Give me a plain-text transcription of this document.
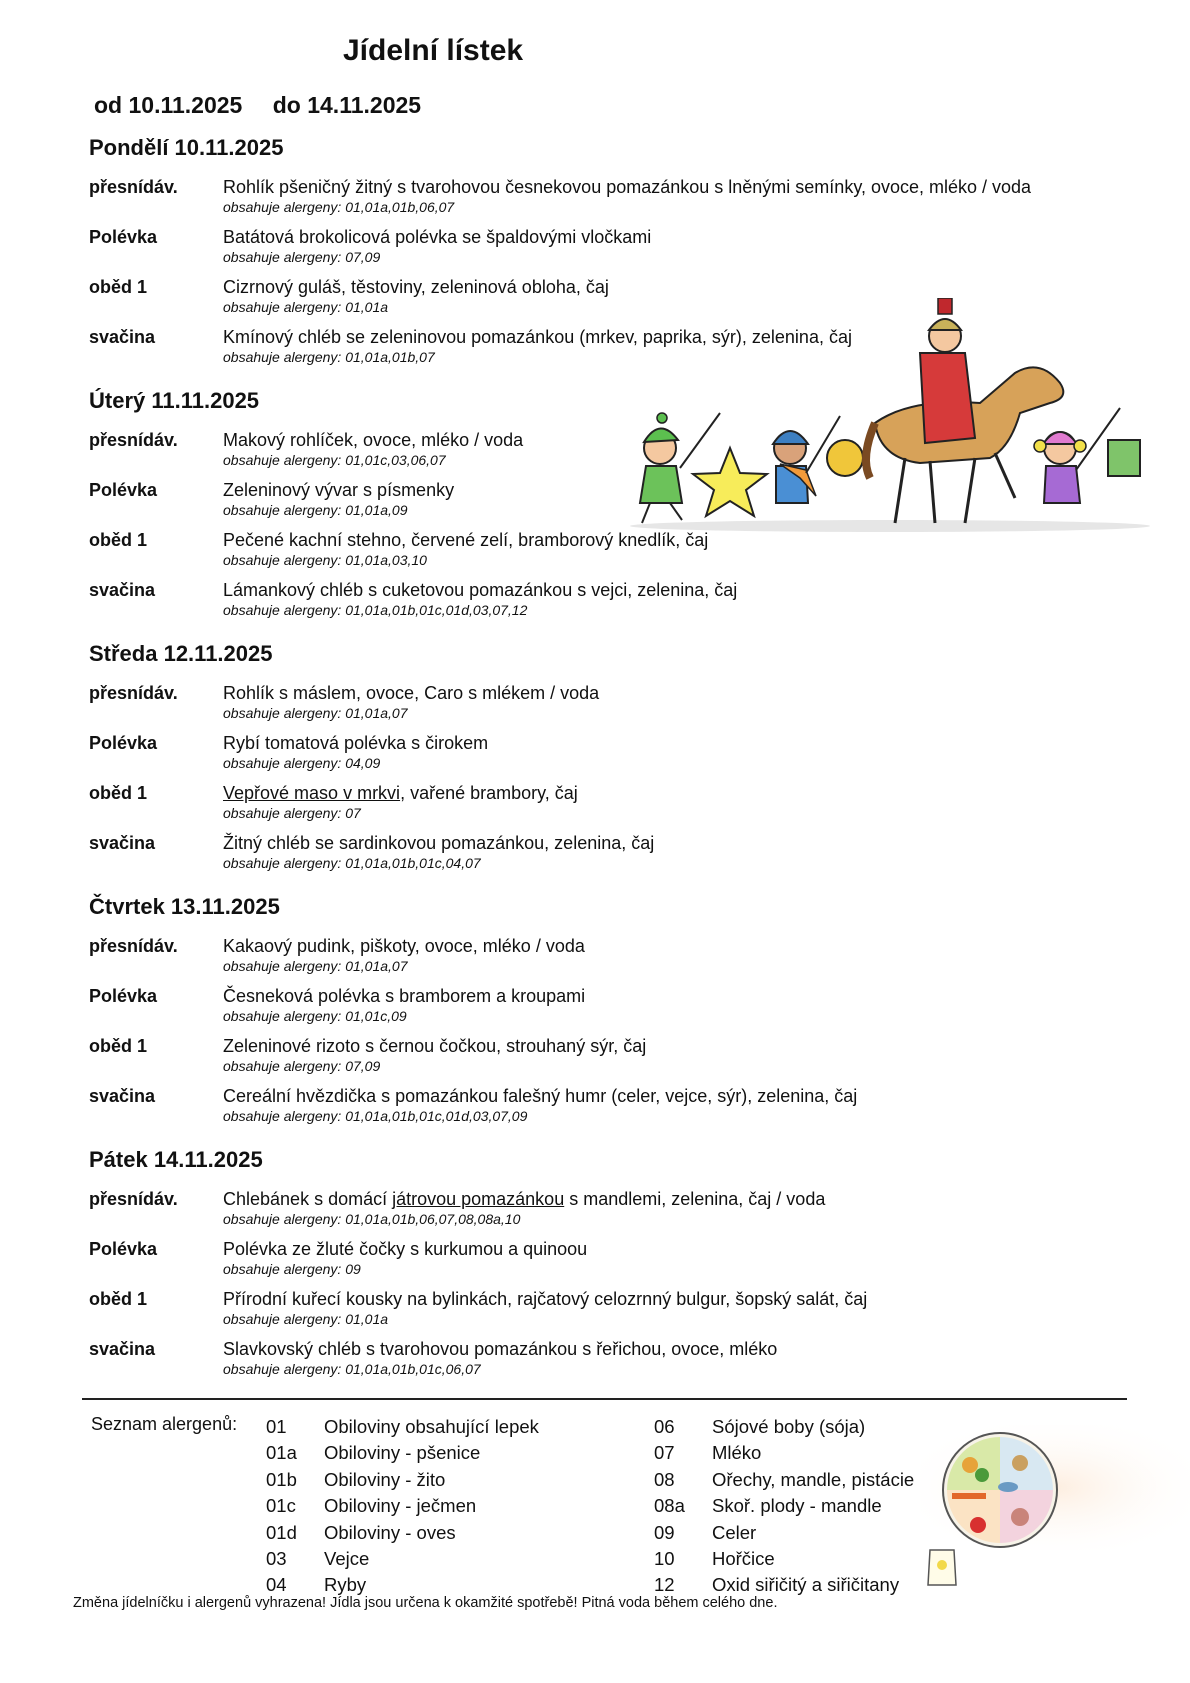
Jídelní lístek
od 10.11.2025 do 14.11.2025
Pondělí 10.11.2025
přesnídáv.	Rohlík pšeničný žitný s tvarohovou česnekovou pomazánkou s lněnými semínky, ovoce, mléko / voda
obsahuje alergeny: 01,01a,01b,06,07
Polévka	Batátová brokolicová polévka se špaldovými vločkami
obsahuje alergeny: 07,09
oběd 1	Cizrnový guláš, těstoviny, zeleninová obloha, čaj
obsahuje alergeny: 01,01a
svačina	Kmínový chléb se zeleninovou pomazánkou (mrkev, paprika, sýr), zelenina, čaj
obsahuje alergeny: 01,01a,01b,07
Úterý 11.11.2025
přesnídáv.	Makový rohlíček, ovoce, mléko / voda
obsahuje alergeny: 01,01c,03,06,07
Polévka	Zeleninový vývar s písmenky
obsahuje alergeny: 01,01a,09
oběd 1	Pečené kachní stehno, červené zelí, bramborový knedlík, čaj
obsahuje alergeny: 01,01a,03,10
svačina	Lámankový chléb s cuketovou pomazánkou s vejci, zelenina, čaj
obsahuje alergeny: 01,01a,01b,01c,01d,03,07,12
Středa 12.11.2025
přesnídáv.	Rohlík s máslem, ovoce, Caro s mlékem / voda
obsahuje alergeny: 01,01a,07
Polévka	Rybí tomatová polévka s čirokem
obsahuje alergeny: 04,09
oběd 1	Vepřové maso v mrkvi, vařené brambory, čaj
obsahuje alergeny: 07
svačina	Žitný chléb se sardinkovou pomazánkou, zelenina, čaj
obsahuje alergeny: 01,01a,01b,01c,04,07
Čtvrtek 13.11.2025
přesnídáv.	Kakaový pudink, piškoty, ovoce, mléko / voda
obsahuje alergeny: 01,01a,07
Polévka	Česneková polévka s bramborem a kroupami
obsahuje alergeny: 01,01c,09
oběd 1	Zeleninové rizoto s černou čočkou, strouhaný sýr, čaj
obsahuje alergeny: 07,09
svačina	Cereální hvězdička s pomazánkou falešný humr (celer, vejce, sýr), zelenina, čaj
obsahuje alergeny: 01,01a,01b,01c,01d,03,07,09
Pátek 14.11.2025
přesnídáv.	Chlebánek s domácí játrovou pomazánkou s mandlemi, zelenina, čaj / voda
obsahuje alergeny: 01,01a,01b,06,07,08,08a,10
Polévka	Polévka ze žluté čočky s kurkumou a quinoou
obsahuje alergeny: 09
oběd 1	Přírodní kuřecí kousky na bylinkách, rajčatový celozrnný bulgur, šopský salát, čaj
obsahuje alergeny: 01,01a
svačina	Slavkovský chléb s tvarohovou pomazánkou s řeřichou, ovoce, mléko
obsahuje alergeny: 01,01a,01b,01c,06,07
Seznam alergenů: 01 Obiloviny obsahující lepek
01a Obiloviny - pšenice
01b Obiloviny - žito
01c Obiloviny - ječmen
01d Obiloviny - oves
03 Vejce
04 Ryby
06 Sójové boby (sója)
07 Mléko
08 Ořechy, mandle, pistácie
08a Skoř. plody - mandle
09 Celer
10 Hořčice
12 Oxid siřičitý a siřičitany
Změna jídelníčku i alergenů vyhrazena! Jídla jsou určena k okamžité spotřebě! Pitná voda během celého dne.
